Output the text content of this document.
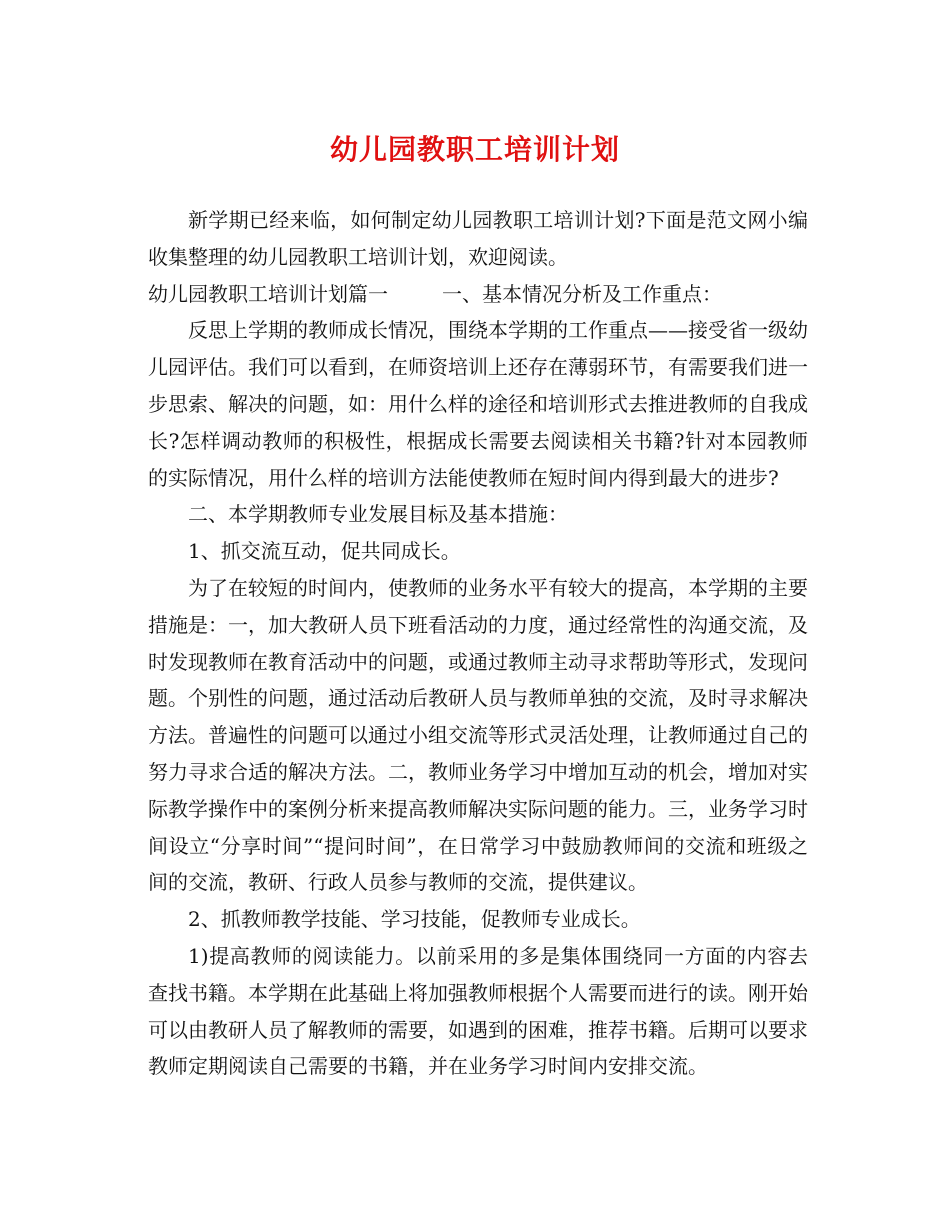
幼儿园教职工培训计划

新学期已经来临，如何制定幼儿园教职工培训计划?下面是范文网小编收集整理的幼儿园教职工培训计划，欢迎阅读。

幼儿园教职工培训计划篇一	一、基本情况分析及工作重点：

反思上学期的教师成长情况，围绕本学期的工作重点——接受省一级幼儿园评估。我们可以看到，在师资培训上还存在薄弱环节，有需要我们进一步思索、解决的问题，如：用什么样的途径和培训形式去推进教师的自我成长?怎样调动教师的积极性，根据成长需要去阅读相关书籍?针对本园教师的实际情况，用什么样的培训方法能使教师在短时间内得到最大的进步?

二、本学期教师专业发展目标及基本措施：

1、抓交流互动，促共同成长。

为了在较短的时间内，使教师的业务水平有较大的提高，本学期的主要措施是：一，加大教研人员下班看活动的力度，通过经常性的沟通交流，及时发现教师在教育活动中的问题，或通过教师主动寻求帮助等形式，发现问题。个别性的问题，通过活动后教研人员与教师单独的交流，及时寻求解决方法。普遍性的问题可以通过小组交流等形式灵活处理，让教师通过自己的努力寻求合适的解决方法。二，教师业务学习中增加互动的机会，增加对实际教学操作中的案例分析来提高教师解决实际问题的能力。三，业务学习时间设立“分享时间”“提问时间”，在日常学习中鼓励教师间的交流和班级之间的交流，教研、行政人员参与教师的交流，提供建议。

2、抓教师教学技能、学习技能，促教师专业成长。

1)提高教师的阅读能力。以前采用的多是集体围绕同一方面的内容去查找书籍。本学期在此基础上将加强教师根据个人需要而进行的读。刚开始可以由教研人员了解教师的需要，如遇到的困难，推荐书籍。后期可以要求教师定期阅读自己需要的书籍，并在业务学习时间内安排交流。
